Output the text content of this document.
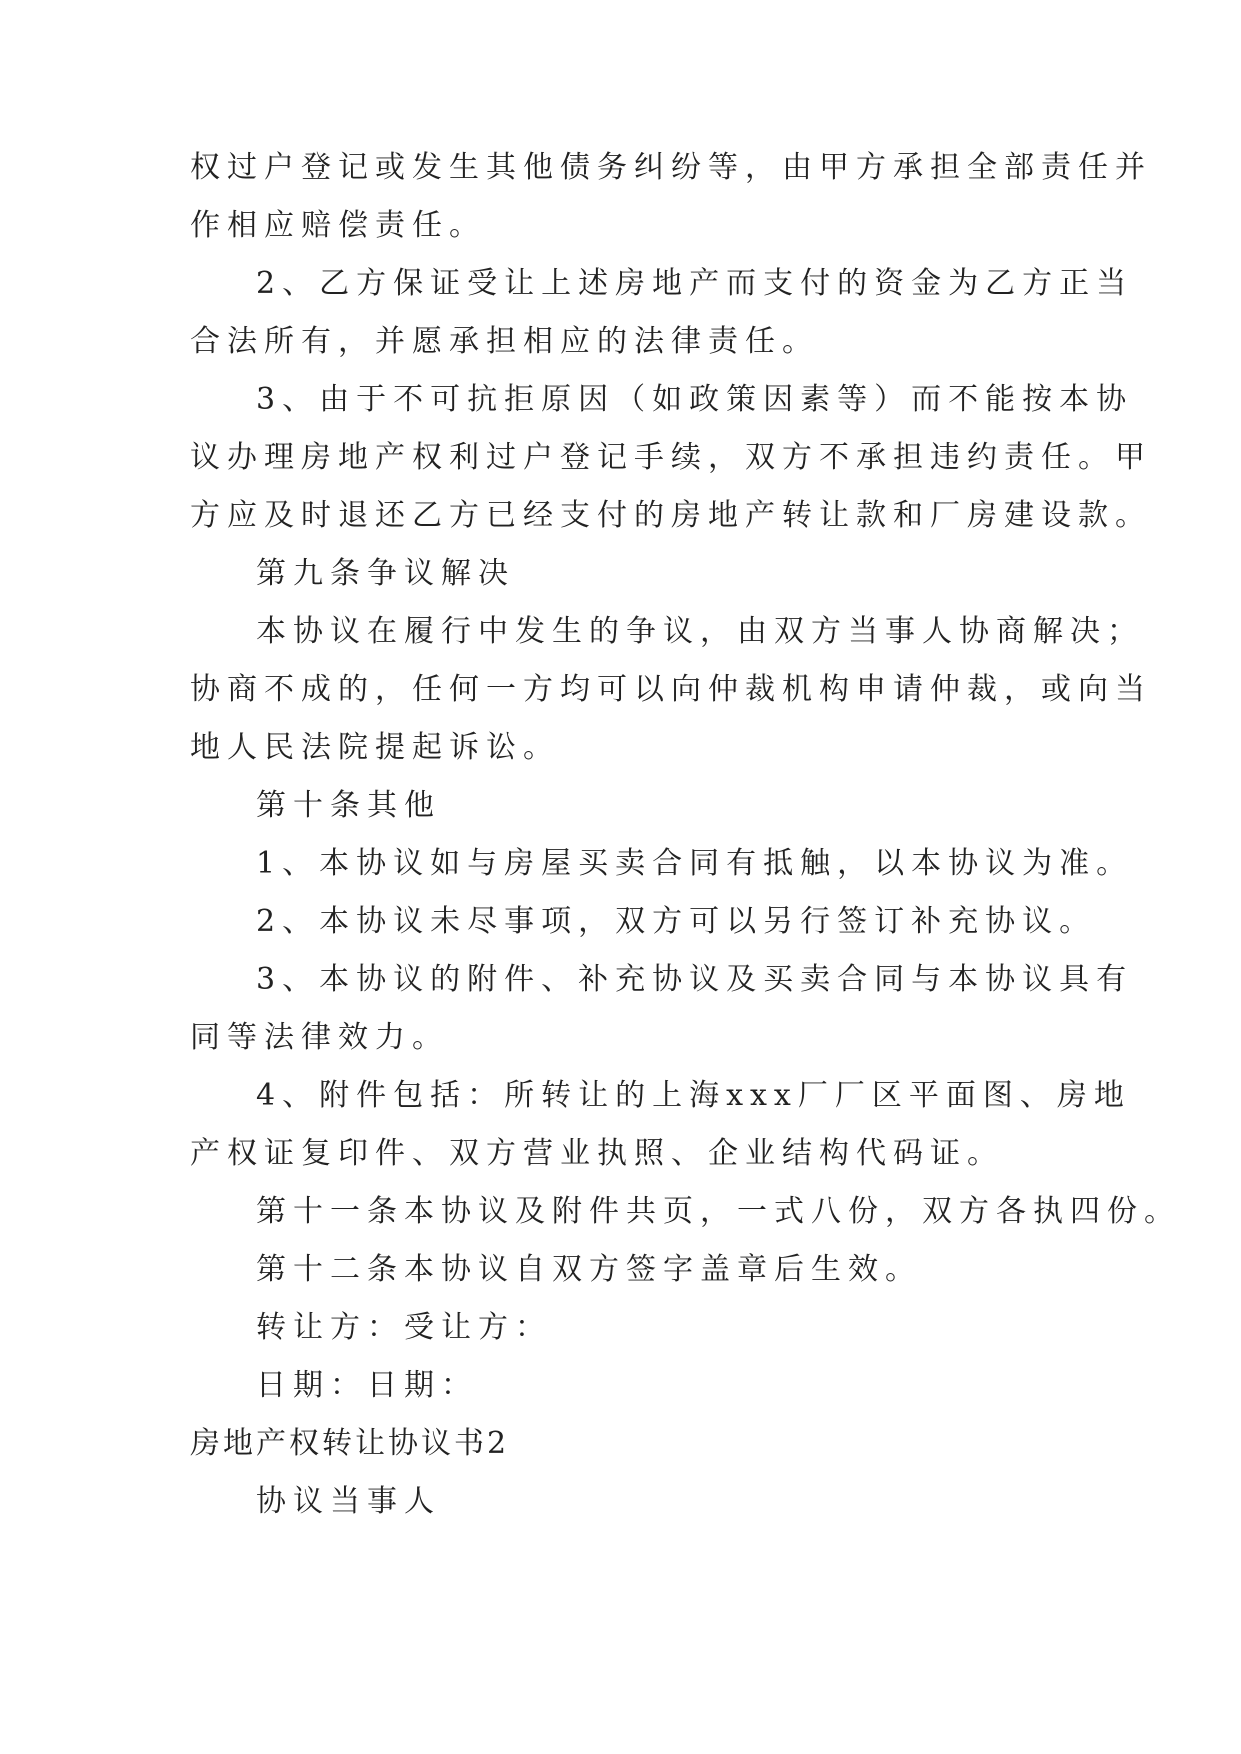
权过户登记或发生其他债务纠纷等，由甲方承担全部责任并
作相应赔偿责任。
2、乙方保证受让上述房地产而支付的资金为乙方正当
合法所有，并愿承担相应的法律责任。
3、由于不可抗拒原因（如政策因素等）而不能按本协
议办理房地产权利过户登记手续，双方不承担违约责任。甲
方应及时退还乙方已经支付的房地产转让款和厂房建设款。
第九条争议解决
本协议在履行中发生的争议，由双方当事人协商解决；
协商不成的，任何一方均可以向仲裁机构申请仲裁，或向当
地人民法院提起诉讼。
第十条其他
1、本协议如与房屋买卖合同有抵触，以本协议为准。
2、本协议未尽事项，双方可以另行签订补充协议。
3、本协议的附件、补充协议及买卖合同与本协议具有
同等法律效力。
4、附件包括：所转让的上海xxx厂厂区平面图、房地
产权证复印件、双方营业执照、企业结构代码证。
第十一条本协议及附件共页，一式八份，双方各执四份。
第十二条本协议自双方签字盖章后生效。
转让方：受让方：
日期：日期：
房地产权转让协议书2
协议当事人
